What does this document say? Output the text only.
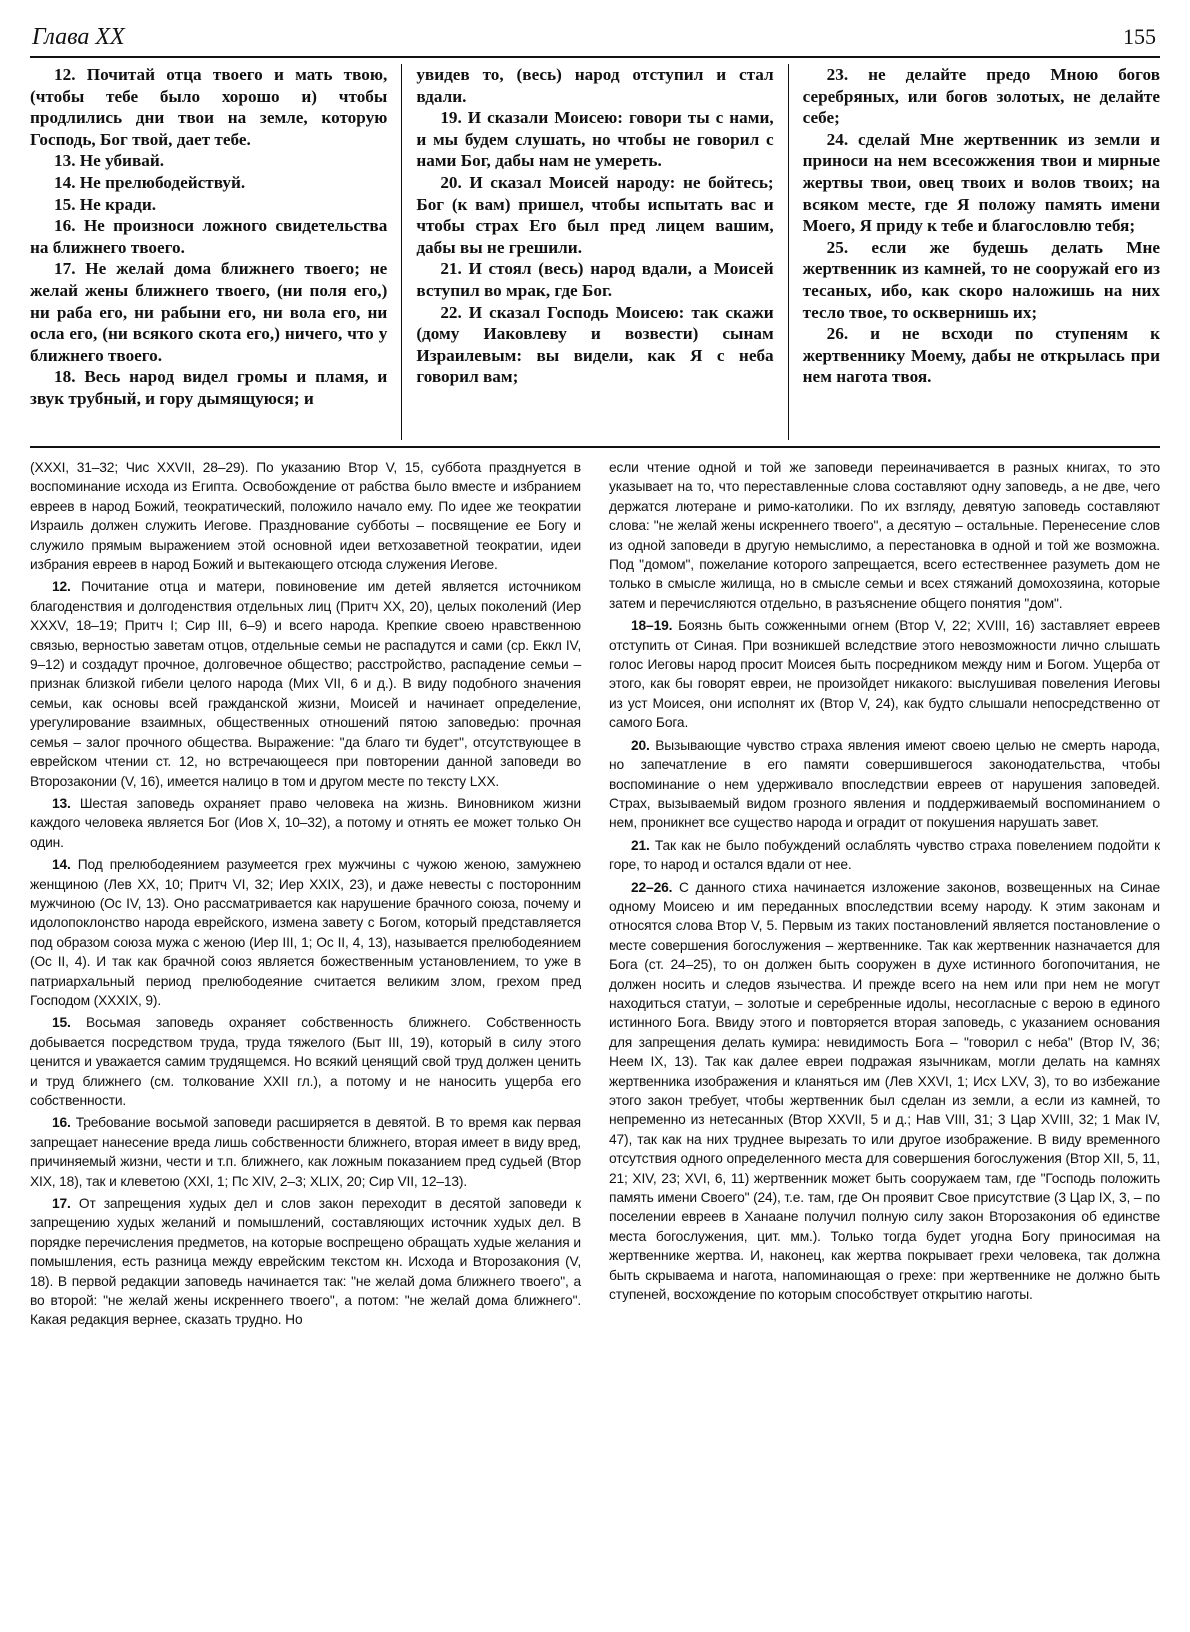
Глава XX	155

12. Почитай отца твоего и мать твою, (чтобы тебе было хорошо и) чтобы продлились дни твои на земле, которую Господь, Бог твой, дает тебе.

13. Не убивай.

14. Не прелюбодействуй.

15. Не кради.

16. Не произноси ложного свидетельства на ближнего твоего.

17. Не желай дома ближнего твоего; не желай жены ближнего твоего, (ни поля его,) ни раба его, ни рабыни его, ни вола его, ни осла его, (ни всякого скота его,) ничего, что у ближнего твоего.

18. Весь народ видел громы и пламя, и звук трубный, и гору дымящуюся; и

увидев то, (весь) народ отступил и стал вдали.

19. И сказали Моисею: говори ты с нами, и мы будем слушать, но чтобы не говорил с нами Бог, дабы нам не умереть.

20. И сказал Моисей народу: не бойтесь; Бог (к вам) пришел, чтобы испытать вас и чтобы страх Его был пред лицем вашим, дабы вы не грешили.

21. И стоял (весь) народ вдали, а Моисей вступил во мрак, где Бог.

22. И сказал Господь Моисею: так скажи (дому Иаковлеву и возвести) сынам Израилевым: вы видели, как Я с неба говорил вам;

23. не делайте предо Мною богов серебряных, или богов золотых, не делайте себе;

24. сделай Мне жертвенник из земли и приноси на нем всесожжения твои и мирные жертвы твои, овец твоих и волов твоих; на всяком месте, где Я положу память имени Моего, Я приду к тебе и благословлю тебя;

25. если же будешь делать Мне жертвенник из камней, то не сооружай его из тесаных, ибо, как скоро наложишь на них тесло твое, то осквернишь их;

26. и не всходи по ступеням к жертвеннику Моему, дабы не открылась при нем нагота твоя.

(XXXI, 31–32; Чис XXVII, 28–29). По указанию Втор V, 15, суббота празднуется в воспоминание исхода из Египта. Освобождение от рабства было вместе и избранием евреев в народ Божий, теократический, положило начало ему. По идее же теократии Израиль должен служить Иегове. Празднование субботы – посвящение ее Богу и служило прямым выражением этой основной идеи ветхозаветной теократии, идеи избрания евреев в народ Божий и вытекающего отсюда служения Иегове.

12. Почитание отца и матери, повиновение им детей является источником благоденствия и долгоденствия отдельных лиц (Притч XX, 20), целых поколений (Иер XXXV, 18–19; Притч I; Сир III, 6–9) и всего народа. Крепкие своею нравственною связью, верностью заветам отцов, отдельные семьи не распадутся и сами (ср. Еккл IV, 9–12) и создадут прочное, долговечное общество; расстройство, распадение семьи – признак близкой гибели целого народа (Мих VII, 6 и д.). В виду подобного значения семьи, как основы всей гражданской жизни, Моисей и начинает определение, урегулирование взаимных, общественных отношений пятою заповедью: прочная семья – залог прочного общества. Выражение: "да благо ти будет", отсутствующее в еврейском чтении ст. 12, но встречающееся при повторении данной заповеди во Второзаконии (V, 16), имеется налицо в том и другом месте по тексту LXX.

13. Шестая заповедь охраняет право человека на жизнь. Виновником жизни каждого человека является Бог (Иов X, 10–32), а потому и отнять ее может только Он один.

14. Под прелюбодеянием разумеется грех мужчины с чужою женою, замужнею женщиною (Лев XX, 10; Притч VI, 32; Иер XXIX, 23), и даже невесты с посторонним мужчиною (Ос IV, 13). Оно рассматривается как нарушение брачного союза, почему и идолопоклонство народа еврейского, измена завету с Богом, который представляется под образом союза мужа с женою (Иер III, 1; Ос II, 4, 13), называется прелюбодеянием (Ос II, 4). И так как брачной союз является божественным установлением, то уже в патриархальный период прелюбодеяние считается великим злом, грехом пред Господом (XXXIX, 9).

15. Восьмая заповедь охраняет собственность ближнего. Собственность добывается посредством труда, труда тяжелого (Быт III, 19), который в силу этого ценится и уважается самим трудящемся. Но всякий ценящий свой труд должен ценить и труд ближнего (см. толкование XXII гл.), а потому и не наносить ущерба его собственности.

16. Требование восьмой заповеди расширяется в девятой. В то время как первая запрещает нанесение вреда лишь собственности ближнего, вторая имеет в виду вред, причиняемый жизни, чести и т.п. ближнего, как ложным показанием пред судьей (Втор XIX, 18), так и клеветою (XXI, 1; Пс XIV, 2–3; XLIX, 20; Сир VII, 12–13).

17. От запрещения худых дел и слов закон переходит в десятой заповеди к запрещению худых желаний и помышлений, составляющих источник худых дел. В порядке перечисления предметов, на которые воспрещено обращать худые желания и помышления, есть разница между еврейским текстом кн. Исхода и Второзакония (V, 18). В первой редакции заповедь начинается так: "не желай дома ближнего твоего", а во второй: "не желай жены искреннего твоего", а потом: "не желай дома ближнего". Какая редакция вернее, сказать трудно. Но

если чтение одной и той же заповеди переиначивается в разных книгах, то это указывает на то, что переставленные слова составляют одну заповедь, а не две, чего держатся лютеране и римо-католики. По их взгляду, девятую заповедь составляют слова: "не желай жены искреннего твоего", а десятую – остальные. Перенесение слов из одной заповеди в другую немыслимо, а перестановка в одной и той же возможна. Под "домом", пожелание которого запрещается, всего естественнее разуметь дом не только в смысле жилища, но в смысле семьи и всех стяжаний домохозяина, которые затем и перечисляются отдельно, в разъяснение общего понятия "дом".

18–19. Боязнь быть сожженными огнем (Втор V, 22; XVIII, 16) заставляет евреев отступить от Синая. При возникшей вследствие этого невозможности лично слышать голос Иеговы народ просит Моисея быть посредником между ним и Богом. Ущерба от этого, как бы говорят евреи, не произойдет никакого: выслушивая повеления Иеговы из уст Моисея, они исполнят их (Втор V, 24), как будто слышали непосредственно от самого Бога.

20. Вызывающие чувство страха явления имеют своею целью не смерть народа, но запечатление в его памяти совершившегося законодательства, чтобы воспоминание о нем удерживало впоследствии евреев от нарушения заповедей. Страх, вызываемый видом грозного явления и поддерживаемый воспоминанием о нем, проникнет все существо народа и оградит от покушения нарушать завет.

21. Так как не было побуждений ослаблять чувство страха повелением подойти к горе, то народ и остался вдали от нее.

22–26. С данного стиха начинается изложение законов, возвещенных на Синае одному Моисею и им переданных впоследствии всему народу. К этим законам и относятся слова Втор V, 5. Первым из таких постановлений является постановление о месте совершения богослужения – жертвеннике. Так как жертвенник назначается для Бога (ст. 24–25), то он должен быть сооружен в духе истинного богопочитания, не должен носить и следов язычества. И прежде всего на нем или при нем не могут находиться статуи, – золотые и серебренные идолы, несогласные с верою в единого истинного Бога. Ввиду этого и повторяется вторая заповедь, с указанием основания для запрещения делать кумира: невидимость Бога – "говорил с неба" (Втор IV, 36; Неем IX, 13). Так как далее евреи подражая язычникам, могли делать на камнях жертвенника изображения и кланяться им (Лев XXVI, 1; Исх LXV, 3), то во избежание этого закон требует, чтобы жертвенник был сделан из земли, а если из камней, то непременно из нетесанных (Втор XXVII, 5 и д.; Нав VIII, 31; 3 Цар XVIII, 32; 1 Мак IV, 47), так как на них труднее вырезать то или другое изображение. В виду временного отсутствия одного определенного места для совершения богослужения (Втор XII, 5, 11, 21; XIV, 23; XVI, 6, 11) жертвенник может быть сооружаем там, где "Господь положить память имени Своего" (24), т.е. там, где Он проявит Свое присутствие (3 Цар IX, 3, – по поселении евреев в Ханаане получил полную силу закон Второзакония об единстве места богослужения, цит. мм.). Только тогда будет угодна Богу приносимая на жертвеннике жертва. И, наконец, как жертва покрывает грехи человека, так должна быть скрываема и нагота, напоминающая о грехе: при жертвеннике не должно быть ступеней, восхождение по которым способствует открытию наготы.
